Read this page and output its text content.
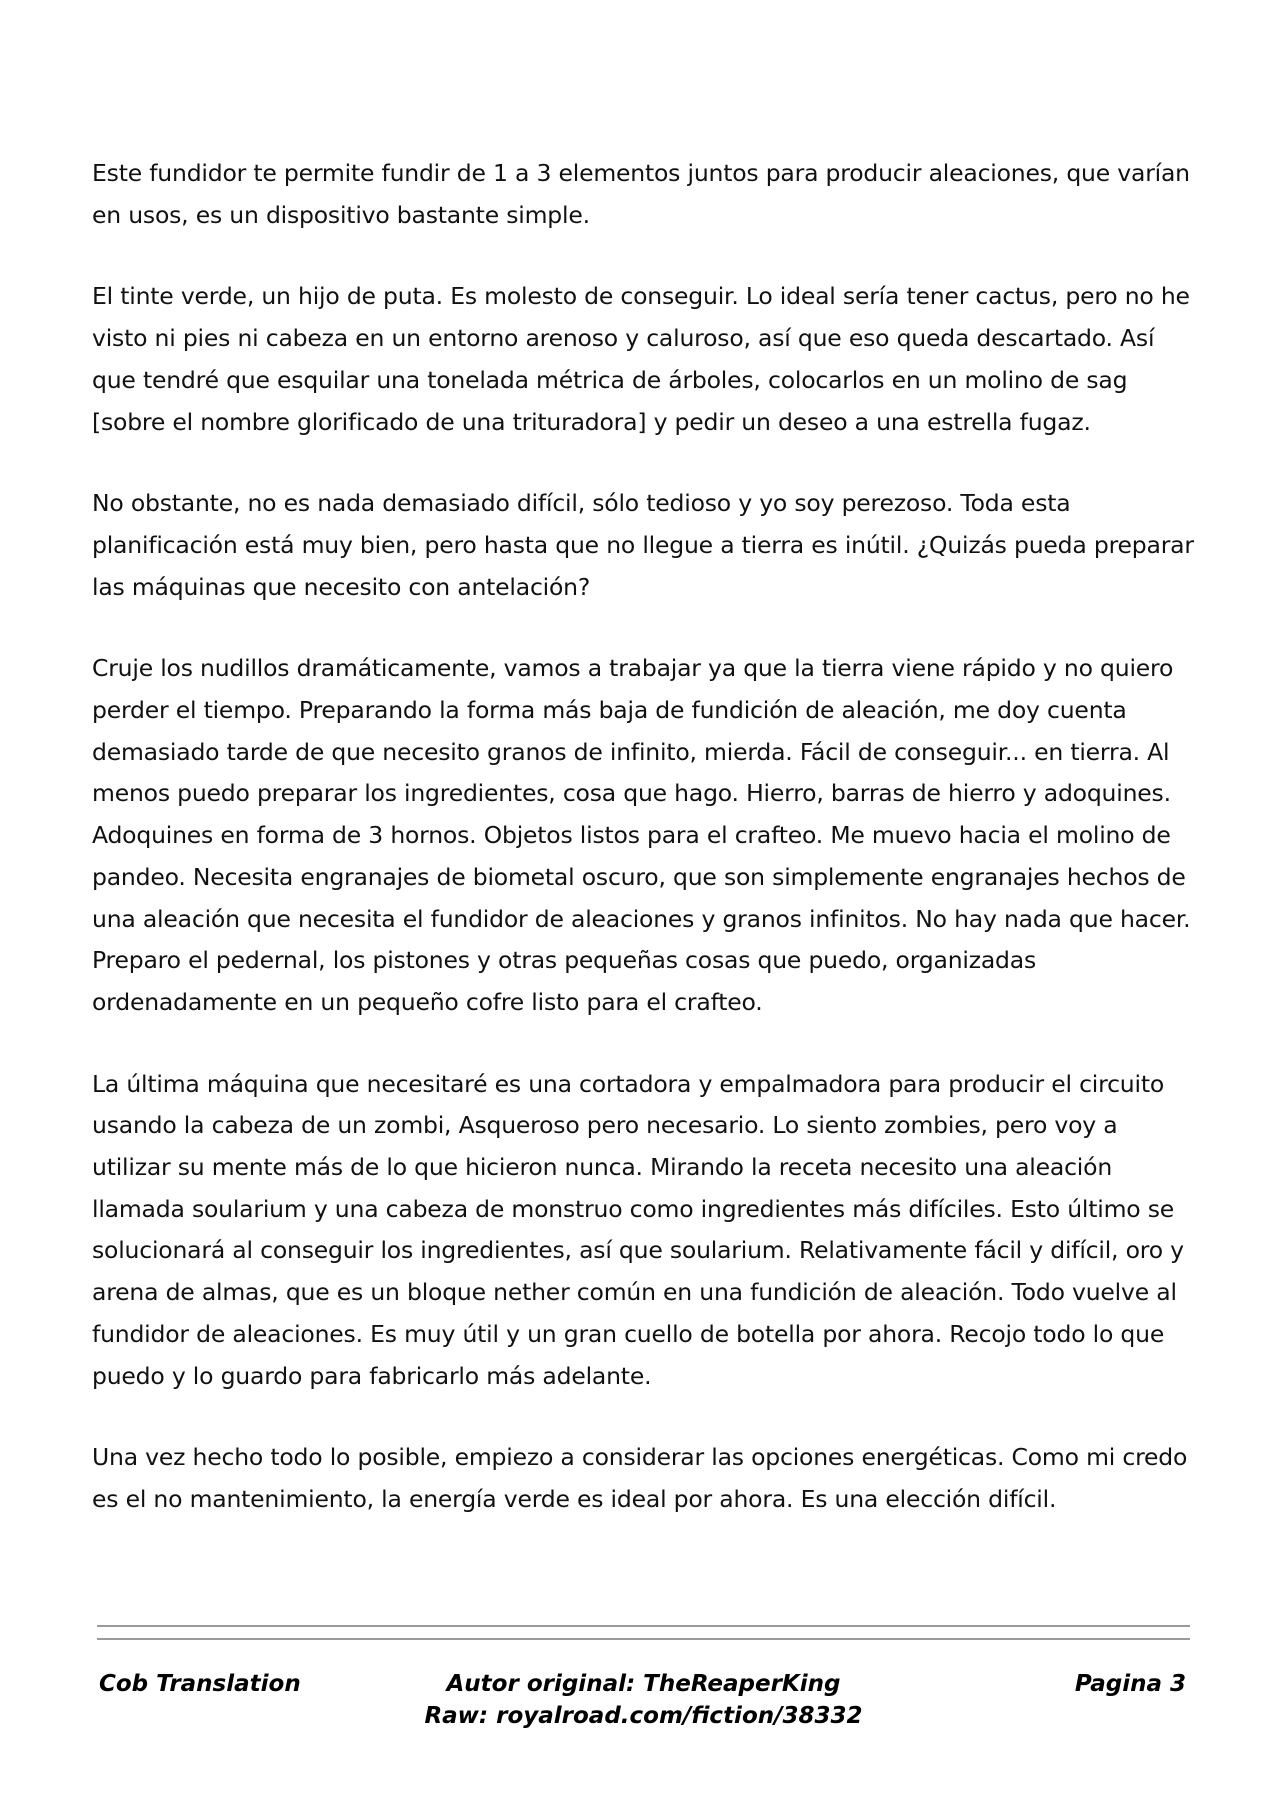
Este fundidor te permite fundir de 1 a 3 elementos juntos para producir aleaciones, que varían en usos, es un dispositivo bastante simple.

El tinte verde, un hijo de puta. Es molesto de conseguir. Lo ideal sería tener cactus, pero no he visto ni pies ni cabeza en un entorno arenoso y caluroso, así que eso queda descartado. Así que tendré que esquilar una tonelada métrica de árboles, colocarlos en un molino de sag [sobre el nombre glorificado de una trituradora] y pedir un deseo a una estrella fugaz.

No obstante, no es nada demasiado difícil, sólo tedioso y yo soy perezoso. Toda esta planificación está muy bien, pero hasta que no llegue a tierra es inútil. ¿Quizás pueda preparar las máquinas que necesito con antelación?

Cruje los nudillos dramáticamente, vamos a trabajar ya que la tierra viene rápido y no quiero perder el tiempo. Preparando la forma más baja de fundición de aleación, me doy cuenta demasiado tarde de que necesito granos de infinito, mierda. Fácil de conseguir... en tierra. Al menos puedo preparar los ingredientes, cosa que hago. Hierro, barras de hierro y adoquines. Adoquines en forma de 3 hornos. Objetos listos para el crafteo. Me muevo hacia el molino de pandeo. Necesita engranajes de biometal oscuro, que son simplemente engranajes hechos de una aleación que necesita el fundidor de aleaciones y granos infinitos. No hay nada que hacer. Preparo el pedernal, los pistones y otras pequeñas cosas que puedo, organizadas ordenadamente en un pequeño cofre listo para el crafteo.

La última máquina que necesitaré es una cortadora y empalmadora para producir el circuito usando la cabeza de un zombi, Asqueroso pero necesario. Lo siento zombies, pero voy a utilizar su mente más de lo que hicieron nunca. Mirando la receta necesito una aleación llamada soularium y una cabeza de monstruo como ingredientes más difíciles. Esto último se solucionará al conseguir los ingredientes, así que soularium. Relativamente fácil y difícil, oro y arena de almas, que es un bloque nether común en una fundición de aleación. Todo vuelve al fundidor de aleaciones. Es muy útil y un gran cuello de botella por ahora. Recojo todo lo que puedo y lo guardo para fabricarlo más adelante.

Una vez hecho todo lo posible, empiezo a considerar las opciones energéticas. Como mi credo es el no mantenimiento, la energía verde es ideal por ahora. Es una elección difícil.

Cob Translation	Autor original: TheReaperKing
Raw: royalroad.com/fiction/38332
Pagina 3
